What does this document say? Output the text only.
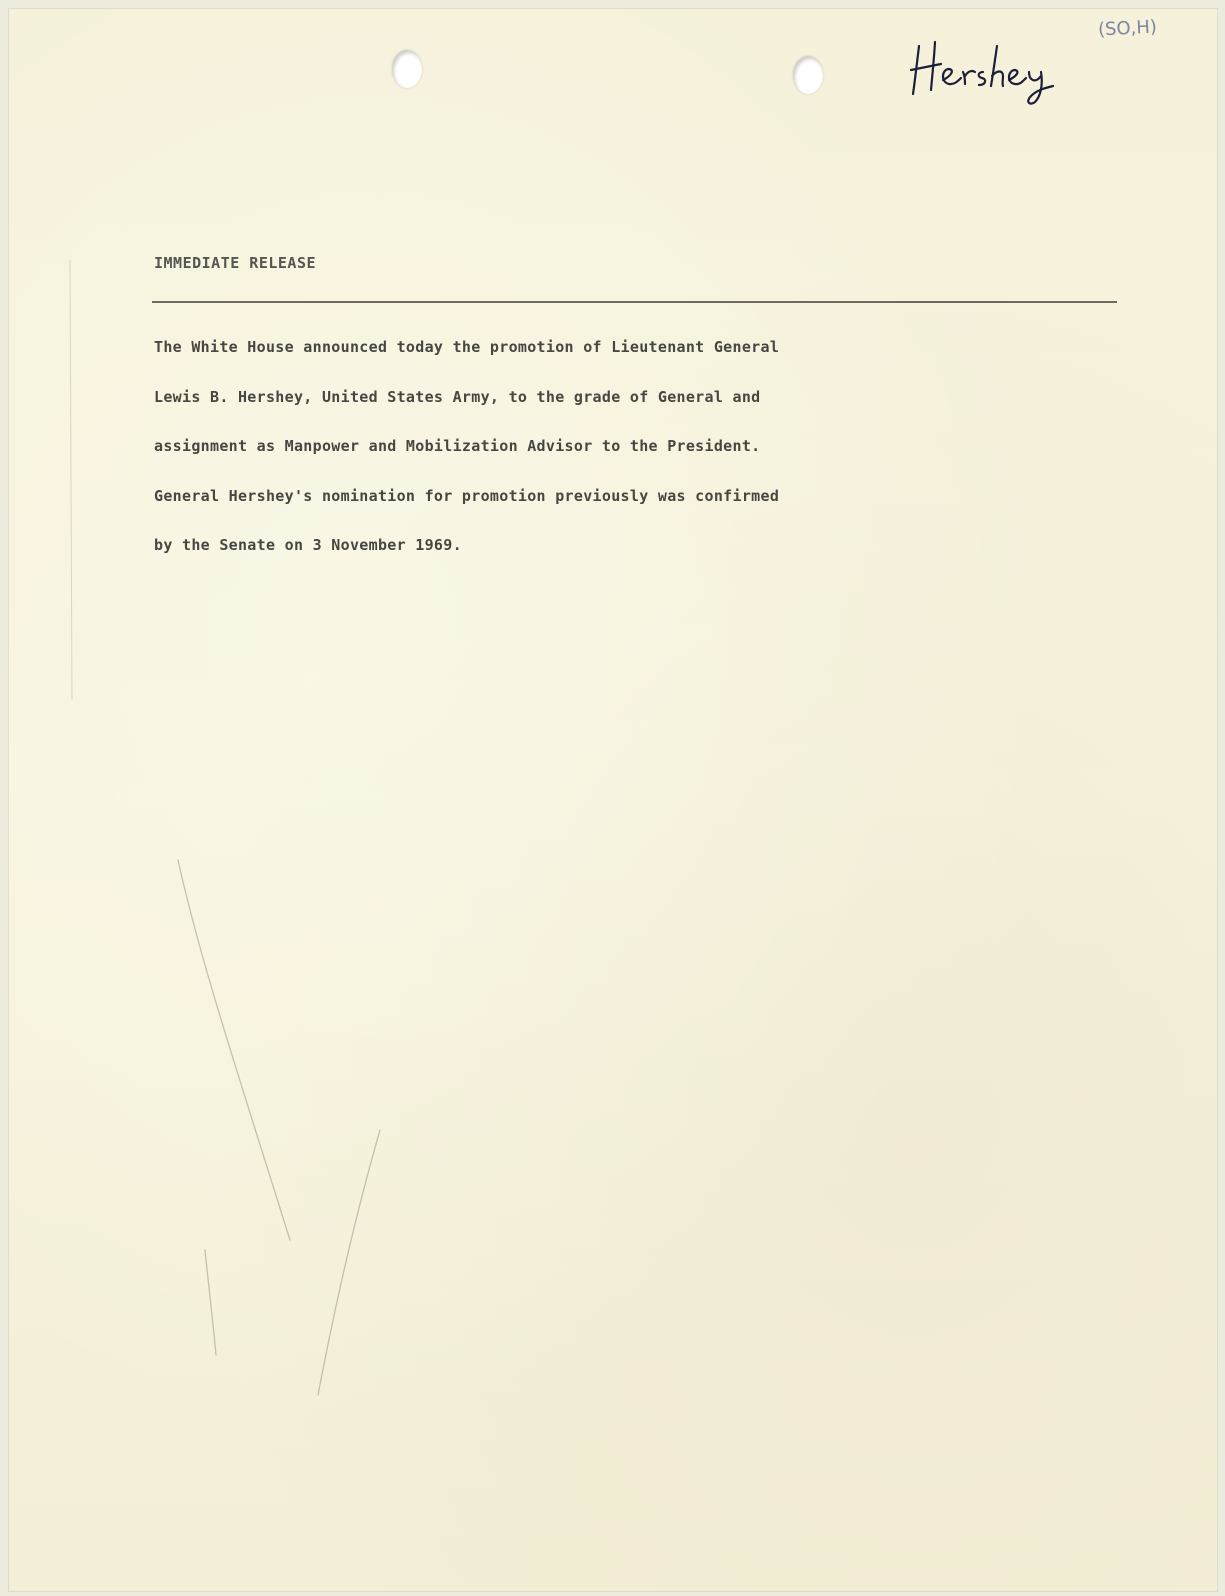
IMMEDIATE RELEASE
The White House announced today the promotion of Lieutenant General
Lewis B. Hershey, United States Army, to the grade of General and
assignment as Manpower and Mobilization Advisor to the President.
General Hershey's nomination for promotion previously was confirmed
by the Senate on 3 November 1969.
(SO,H)
